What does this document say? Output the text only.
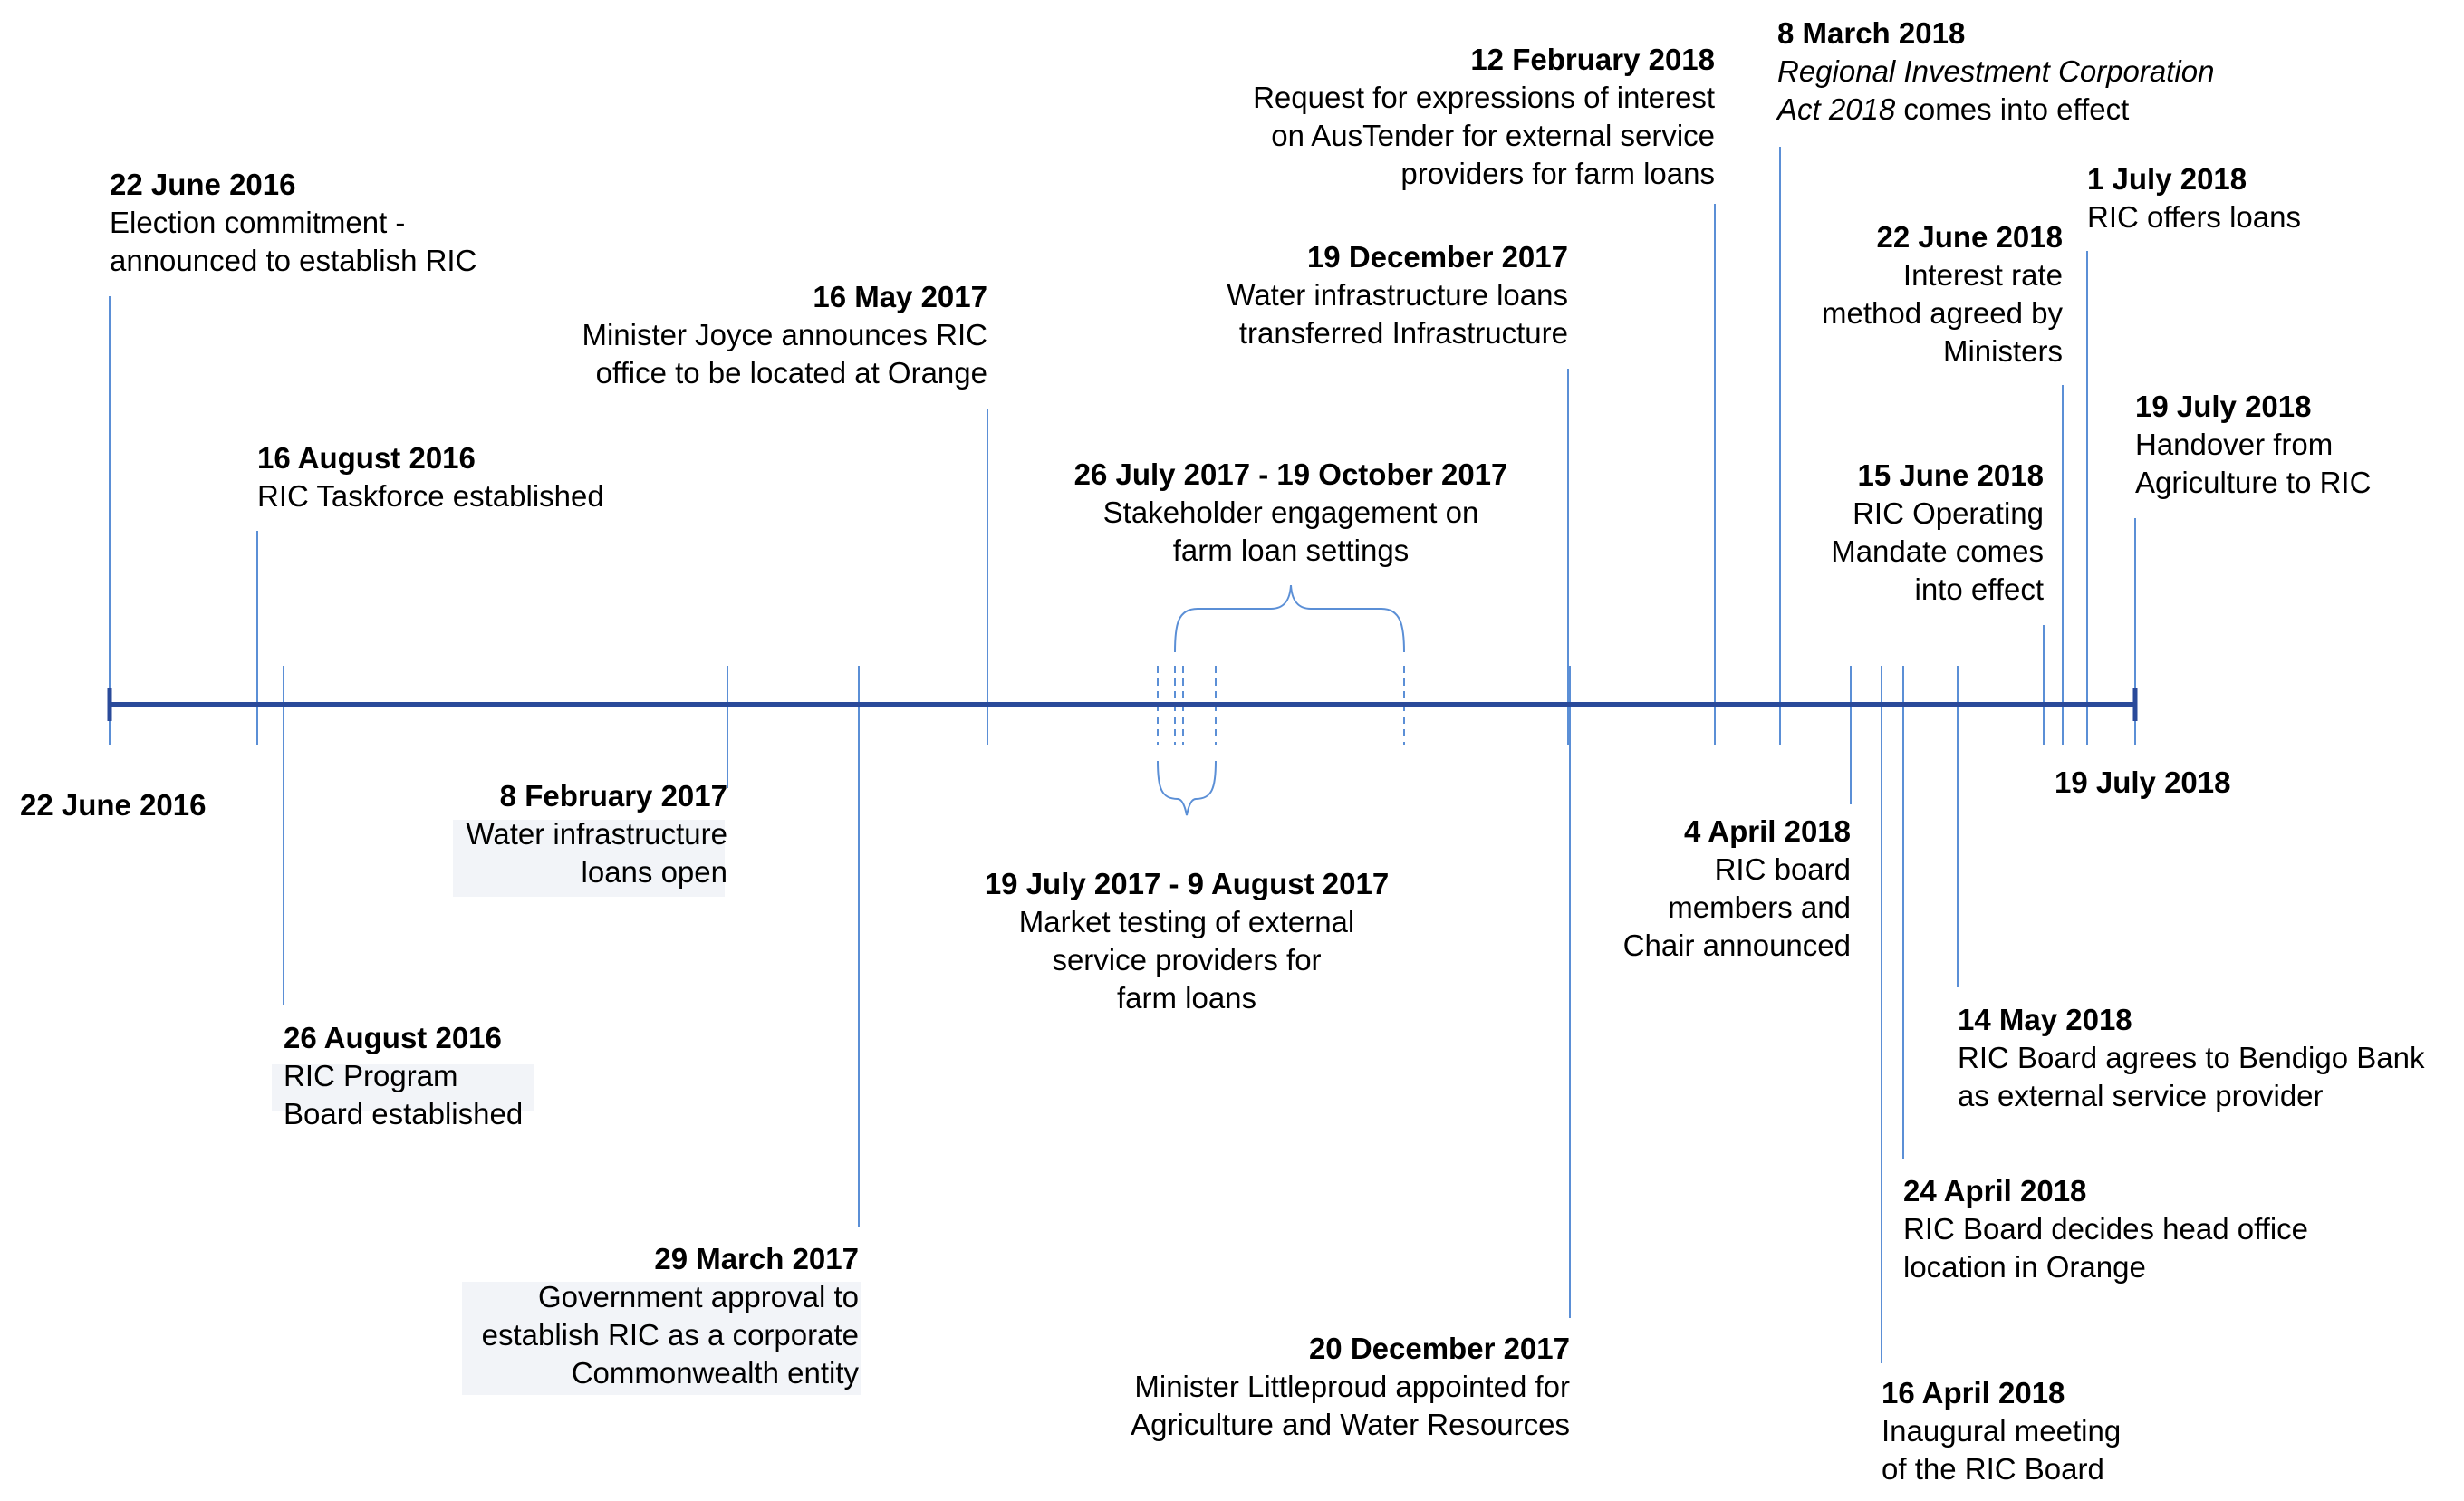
22 June 2016
19 July 2018
22 June 2016
Election commitment -
announced to establish RIC
16 August 2016
RIC Taskforce established
26 August 2016
RIC Program
Board established
8 February 2017
Water infrastructure
loans open
29 March 2017
Government approval to
establish RIC as a corporate
Commonwealth entity
16 May 2017
Minister Joyce announces RIC
office to be located at Orange
19 July 2017 - 9 August 2017
Market testing of external
service providers for
farm loans
26 July 2017 - 19 October 2017
Stakeholder engagement on
farm loan settings
19 December 2017
Water infrastructure loans
transferred Infrastructure
20 December 2017
Minister Littleproud appointed for
Agriculture and Water Resources
12 February 2018
Request for expressions of interest
on AusTender for external service
providers for farm loans
8 March 2018
Regional Investment Corporation
Act 2018 comes into effect
4 April 2018
RIC board
members and
Chair announced
16 April 2018
Inaugural meeting
of the RIC Board
24 April 2018
RIC Board decides head office
location in Orange
14 May 2018
RIC Board agrees to Bendigo Bank
as external service provider
15 June 2018
RIC Operating
Mandate comes
into effect
22 June 2018
Interest rate
method agreed by
Ministers
1 July 2018
RIC offers loans
19 July 2018
Handover from
Agriculture to RIC
